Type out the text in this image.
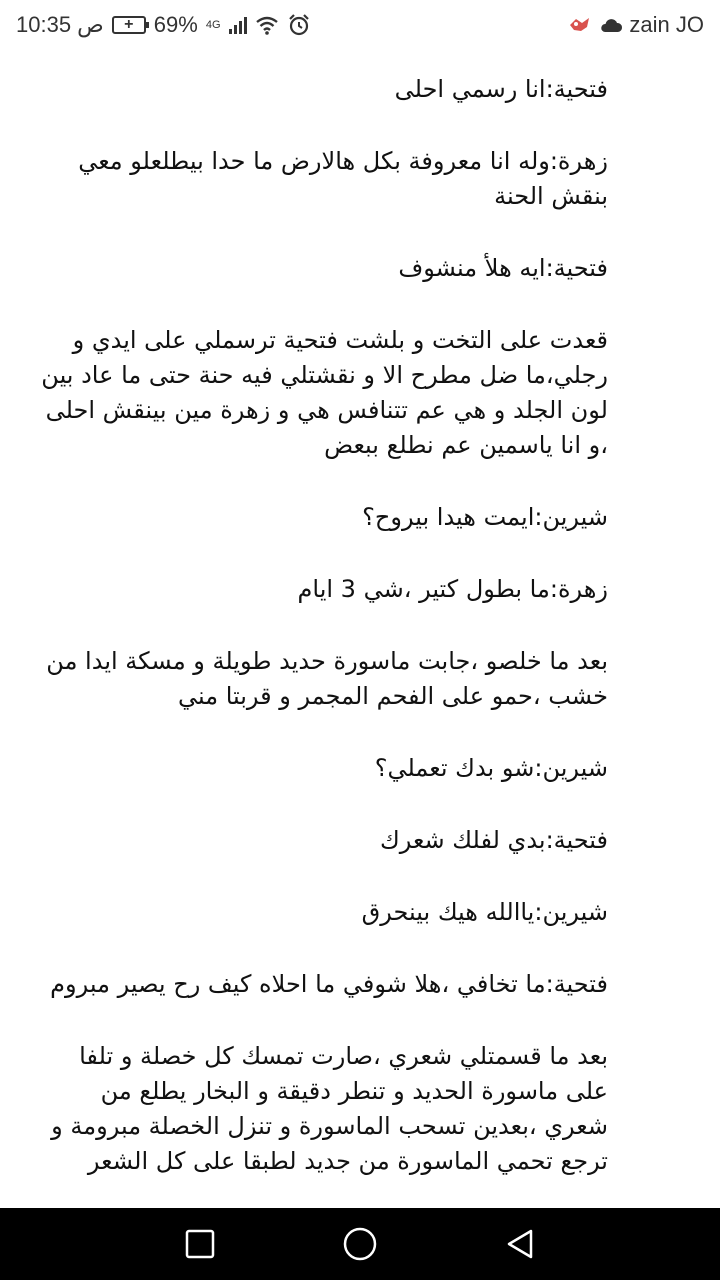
10:35 ص + 69% 4G	zain JO

فتحية:انا رسمي احلى

زهرة:وله انا معروفة بكل هالارض ما حدا بيطلعلو معي بنقش الحنة

فتحية:ايه هلأ منشوف

قعدت على التخت و بلشت فتحية ترسملي على ايدي و رجلي،ما ضل مطرح الا و نقشتلي فيه حنة حتى ما عاد بين لون الجلد و هي عم تتنافس هي و زهرة مين بينقش احلى ،و انا ياسمين عم نطلع ببعض

شيرين:ايمت هيدا بيروح؟

زهرة:ما بطول كتير ،شي 3 ايام

بعد ما خلصو ،جابت ماسورة حديد طويلة و مسكة ايدا من خشب ،حمو على الفحم المجمر و قربتا مني

شيرين:شو بدك تعملي؟

فتحية:بدي لفلك شعرك

شيرين:ياالله هيك بينحرق

فتحية:ما تخافي ،هلا شوفي ما احلاه كيف رح يصير مبروم

بعد ما قسمتلي شعري ،صارت تمسك كل خصلة و تلفا على ماسورة الحديد و تنطر دقيقة و البخار يطلع من شعري ،بعدين تسحب الماسورة و تنزل الخصلة مبرومة و ترجع تحمي الماسورة من جديد لطبقا على كل الشعر
